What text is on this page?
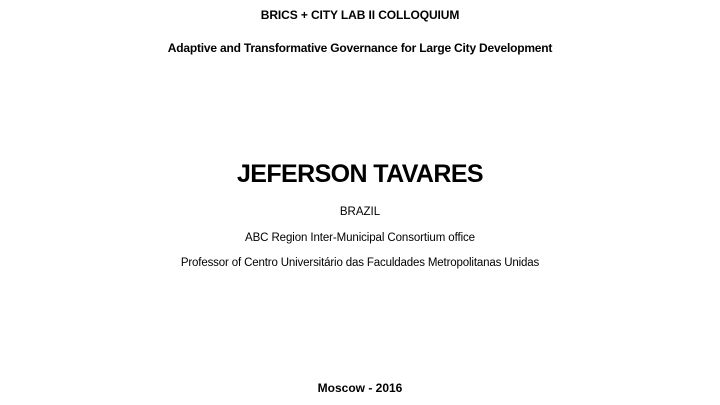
BRICS + CITY LAB II COLLOQUIUM
Adaptive and Transformative Governance for Large City Development
JEFERSON TAVARES
BRAZIL
ABC Region Inter-Municipal Consortium office
Professor of Centro Universitário das Faculdades Metropolitanas Unidas
Moscow - 2016
